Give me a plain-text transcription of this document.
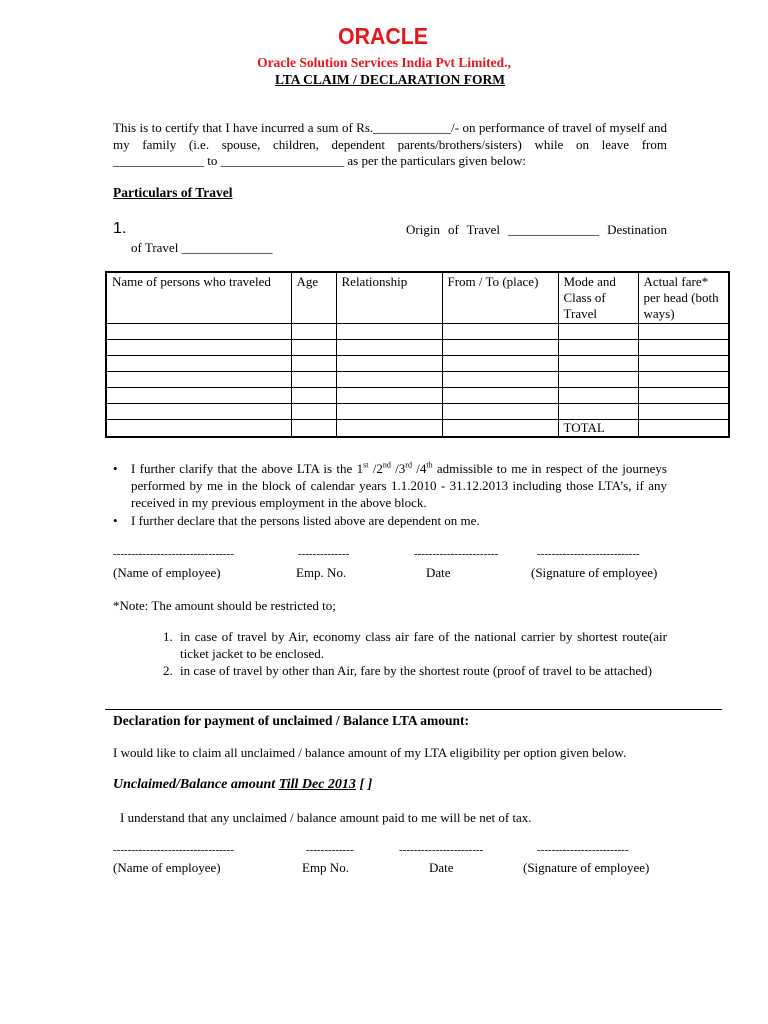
ORACLE
Oracle Solution Services India Pvt Limited.,
LTA CLAIM / DECLARATION FORM
This is to certify that I have incurred a sum of Rs.____________/- on performance of travel of myself and my family (i.e. spouse, children, dependent parents/brothers/sisters) while on leave from ______________ to ___________________ as per the particulars given below:
Particulars of Travel
1.	Origin of Travel ______________ Destination
of Travel ______________
Name of persons who traveled	Age	Relationship	From / To (place)	Mode and Class of Travel	Actual fare* per head (both ways)

				TOTAL	
• I further clarify that the above LTA is the 1st /2nd /3rd /4th admissible to me in respect of the journeys performed by me in the block of calendar years 1.1.2010 - 31.12.2013 including those LTA’s, if any received in my previous employment in the above block.
• I further declare that the persons listed above are dependent on me.
---------------------------------	--------------	-----------------------	----------------------------
(Name of employee)	Emp. No.	Date	(Signature of employee)
*Note: The amount should be restricted to;
1. in case of travel by Air, economy class air fare of the national carrier by shortest route(air ticket jacket to be enclosed.
2. in case of travel by other than Air, fare by the shortest route (proof of travel to be attached)
Declaration for payment of unclaimed / Balance LTA amount:
I would like to claim all unclaimed / balance amount of my LTA eligibility per option given below.
Unclaimed/Balance amount Till Dec 2013 [ ]
I understand that any unclaimed / balance amount paid to me will be net of tax.
---------------------------------	-------------	-----------------------	-------------------------
(Name of employee)	Emp No.	Date	(Signature of employee)
